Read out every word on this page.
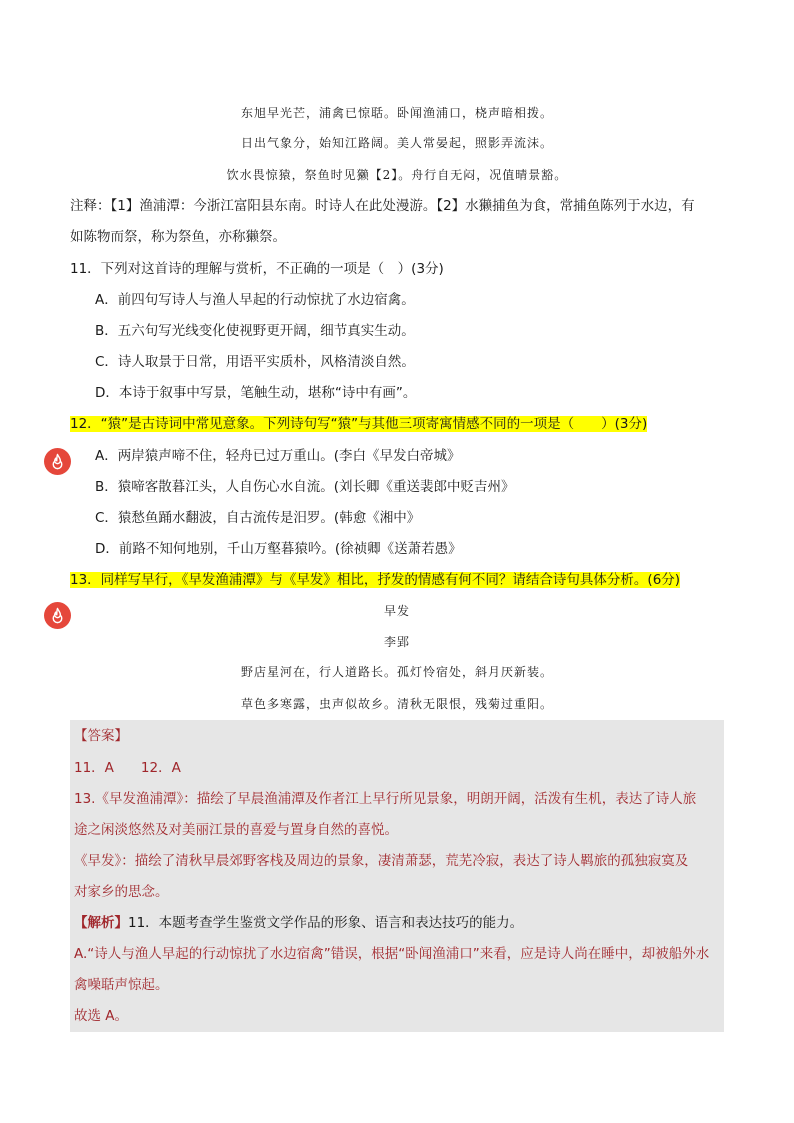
东旭早光芒，浦禽已惊聒。卧闻渔浦口，桡声暗相拨。
日出气象分，始知江路阔。美人常晏起，照影弄流沫。
饮水畏惊猿，祭鱼时见獭【2】。舟行自无闷，况值晴景豁。
注释：【1】渔浦潭：今浙江富阳县东南。时诗人在此处漫游。【2】水獭捕鱼为食，常捕鱼陈列于水边，有
如陈物而祭，称为祭鱼，亦称獭祭。
11．下列对这首诗的理解与赏析，不正确的一项是（　）(3分)
A．前四句写诗人与渔人早起的行动惊扰了水边宿禽。
B．五六句写光线变化使视野更开阔，细节真实生动。
C．诗人取景于日常，用语平实质朴，风格清淡自然。
D．本诗于叙事中写景，笔触生动，堪称“诗中有画”。
12．“猿”是古诗词中常见意象。下列诗句写“猿”与其他三项寄寓情感不同的一项是（　　）(3分)
A．两岸猿声啼不住，轻舟已过万重山。(李白《早发白帝城》
B．猿啼客散暮江头，人自伤心水自流。(刘长卿《重送裴郎中贬吉州》
C．猿愁鱼踊水翻波，自古流传是汨罗。(韩愈《湘中》
D．前路不知何地别，千山万壑暮猿吟。(徐祯卿《送萧若愚》
13．同样写早行，《早发渔浦潭》与《早发》相比，抒发的情感有何不同？请结合诗句具体分析。(6分)
早发
李郢
野店星河在，行人道路长。孤灯怜宿处，斜月厌新装。
草色多寒露，虫声似故乡。清秋无限恨，残菊过重阳。
【答案】
11．A　　12．A
13.《早发渔浦潭》：描绘了早晨渔浦潭及作者江上早行所见景象，明朗开阔，活泼有生机，表达了诗人旅
途之闲淡悠然及对美丽江景的喜爱与置身自然的喜悦。
《早发》：描绘了清秋早晨郊野客栈及周边的景象，凄清萧瑟，荒芜冷寂，表达了诗人羁旅的孤独寂寞及
对家乡的思念。
【解析】11．本题考查学生鉴赏文学作品的形象、语言和表达技巧的能力。
A.“诗人与渔人早起的行动惊扰了水边宿禽”错误，根据“卧闻渔浦口”来看，应是诗人尚在睡中，却被船外水
禽噪聒声惊起。
故选 A。
